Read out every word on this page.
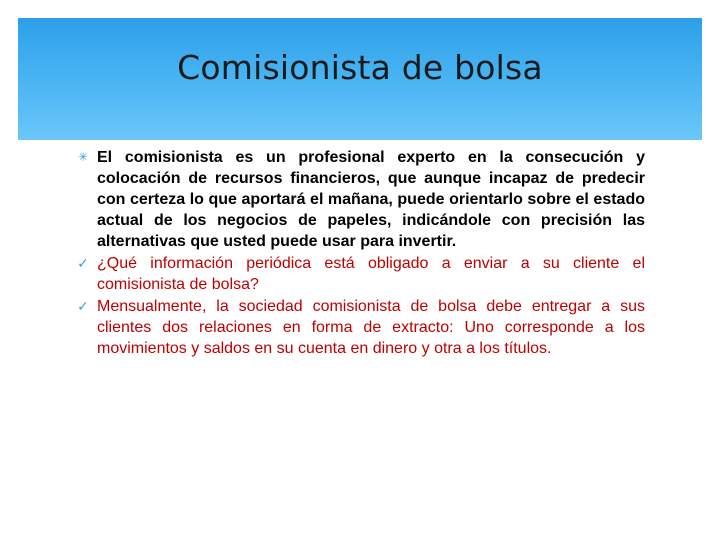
Comisionista de bolsa
✳ El comisionista es un profesional experto en la consecución y colocación de recursos financieros, que aunque incapaz de predecir con certeza lo que aportará el mañana, puede orientarlo sobre el estado actual de los negocios de papeles, indicándole con precisión las alternativas que usted puede usar para invertir.
✓ ¿Qué información periódica está obligado a enviar a su cliente el comisionista de bolsa?
✓ Mensualmente, la sociedad comisionista de bolsa debe entregar a sus clientes dos relaciones en forma de extracto: Uno corresponde a los movimientos y saldos en su cuenta en dinero y otra a los títulos.
